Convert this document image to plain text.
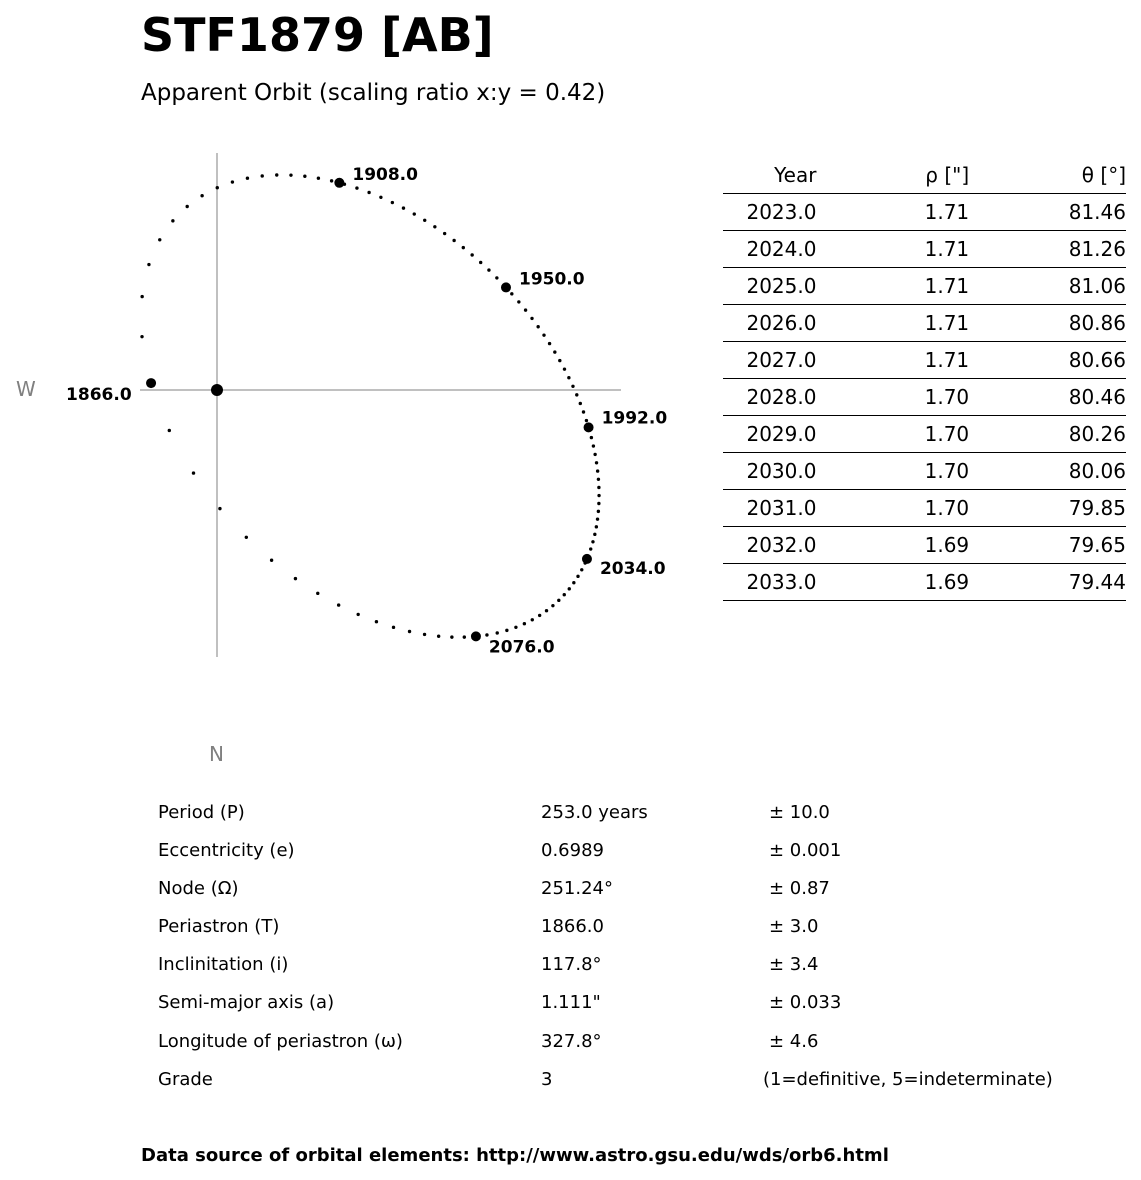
STF1879 [AB]
Apparent Orbit (scaling ratio x:y = 0.42)
1866.0
1908.0
1950.0
1992.0
2034.0
2076.0
W
N
Year	ρ ["]	θ [°]
2023.0	1.71	81.46
2024.0	1.71	81.26
2025.0	1.71	81.06
2026.0	1.71	80.86
2027.0	1.71	80.66
2028.0	1.70	80.46
2029.0	1.70	80.26
2030.0	1.70	80.06
2031.0	1.70	79.85
2032.0	1.69	79.65
2033.0	1.69	79.44
Period (P)	253.0 years	± 10.0
Eccentricity (e)	0.6989	± 0.001
Node (Ω)	251.24°	± 0.87
Periastron (T)	1866.0	± 3.0
Inclinitation (i)	117.8°	± 3.4
Semi-major axis (a)	1.111"	± 0.033
Longitude of periastron (ω)	327.8°	± 4.6
Grade	3	(1=definitive, 5=indeterminate)
Data source of orbital elements: http://www.astro.gsu.edu/wds/orb6.html
